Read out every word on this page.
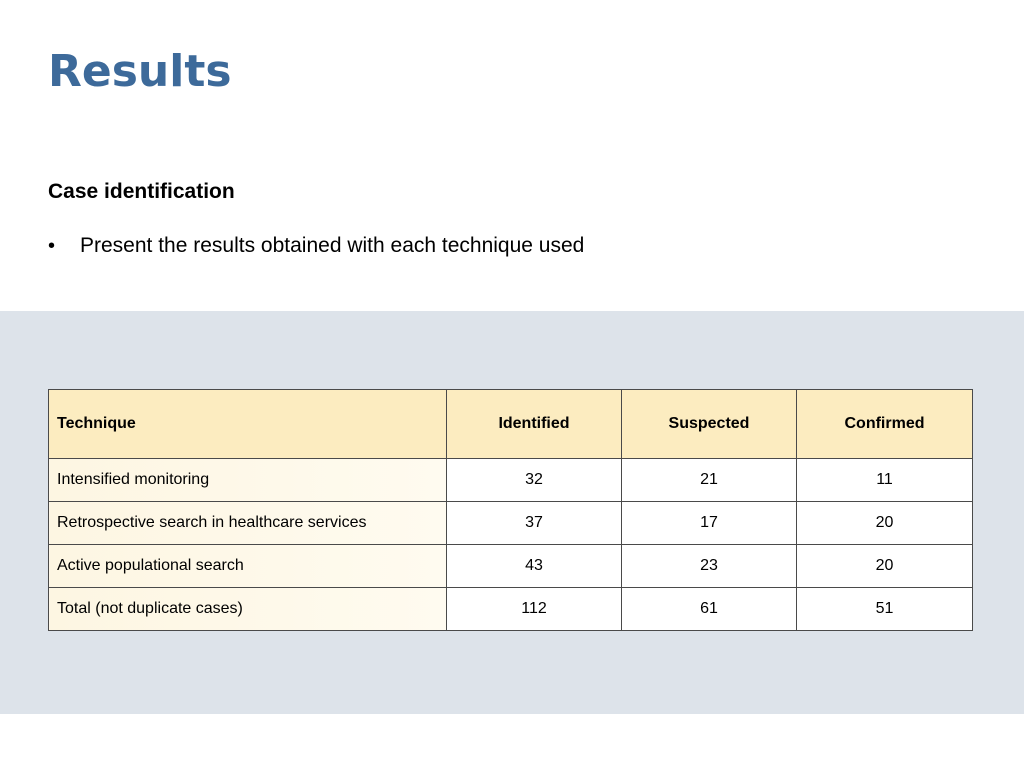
Results
Case identification
•	Present the results obtained with each technique used
Technique	Identified	Suspected	Confirmed
Intensified monitoring	32	21	11
Retrospective search in healthcare services	37	17	20
Active populational search	43	23	20
Total (not duplicate cases)	112	61	51
